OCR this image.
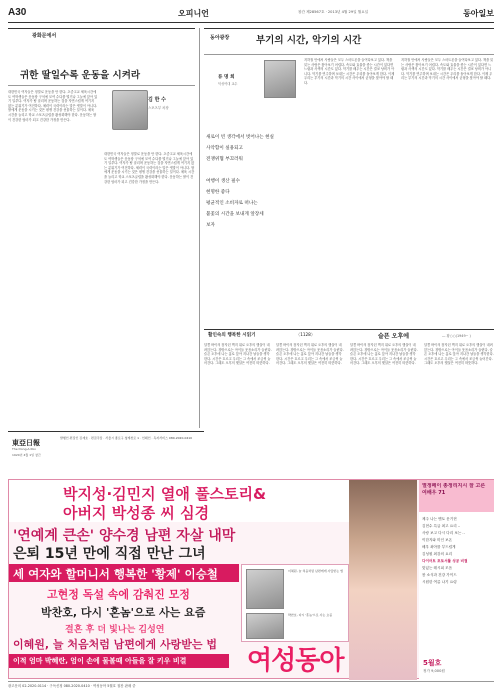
A30	오피니언	창간 제28567호 · 2013년 4월 29일 월요일	동아일보
광화문에서
귀한 딸일수록 운동을 시켜라
대한민국 여자들은 정말로 운동을 안 한다. 초중고교 체육시간에도 여학생들은 운동장 구석에 모여 수다를 떨거나 그늘에 앉아 있기 일쑤다. 여자가 땀 흘리며 운동하는 것을 자연스럽게 여기지 않는 분위기가 여전하다. 체력이 국력이라는 말은 옛말이 아니다. 딸에게 운동을 시키는 것은 평생 건강을 선물하는 일이다. 체육 시간을 늘리고 학교 스포츠클럽을 활성화해야 한다. 운동하는 딸이 건강한 엄마가 되고 건강한 가정을 만든다.
김 한 수
스포츠부 차장
대한민국 여자들은 정말로 운동을 안 한다. 초중고교 체육시간에도 여학생들은 운동장 구석에 모여 수다를 떨거나 그늘에 앉아 있기 일쑤다. 여자가 땀 흘리며 운동하는 것을 자연스럽게 여기지 않는 분위기가 여전하다. 체력이 국력이라는 말은 옛말이 아니다. 딸에게 운동을 시키는 것은 평생 건강을 선물하는 일이다. 체육 시간을 늘리고 학교 스포츠클럽을 활성화해야 한다. 운동하는 딸이 건강한 엄마가 되고 건강한 가정을 만든다.
동아광장	부기의 시간, 악기의 시간
류 명 희
덕성여대 교수
새로이 빈 생각에서 벗어나는 현실
사악함이 실용되고
전쟁위협 부끄러워
여행이 생산 필수
현명한 좋다
평균적인 소비자로 떠나는
불꽃의 시간을 보내게 앞장세
보자
지하철 안에서 사람들은 모두 스마트폰을 들여다보고 있다. 책을 읽는 사람은 찾아보기 어렵다. 속도와 효율을 좇는 시간이 있다면 느림과 사색의 시간도 있다. 악기를 배우는 시간은 결코 낭비가 아니다. 악기를 연주하며 보내는 시간은 우리를 돌아보게 한다. 이제 우리는 부기의 시간과 악기의 시간 사이에서 균형을 찾아야 할 때다.
지하철 안에서 사람들은 모두 스마트폰을 들여다보고 있다. 책을 읽는 사람은 찾아보기 어렵다. 속도와 효율을 좇는 시간이 있다면 느림과 사색의 시간도 있다. 악기를 배우는 시간은 결코 낭비가 아니다. 악기를 연주하며 보내는 시간은 우리를 돌아보게 한다. 이제 우리는 부기의 시간과 악기의 시간 사이에서 균형을 찾아야 할 때다.
활인숙의 행복한 시읽기	〈1128〉	슬픈 오후에	― 황○○(1949~ )
달콤 바이의 잠자던 벽지 위로 오후의 햇살이 내려앉는다. 창밖으로는 아이들 웃음소리가 들린다. 슬픈 오후에 나는 홀로 앉아 지나간 날들을 생각한다. 시간은 흐르고 우리는 그 속에서 조금씩 늙어간다. 그래도 오후의 햇살은 여전히 따뜻하다.
달콤 바이의 잠자던 벽지 위로 오후의 햇살이 내려앉는다. 창밖으로는 아이들 웃음소리가 들린다. 슬픈 오후에 나는 홀로 앉아 지나간 날들을 생각한다. 시간은 흐르고 우리는 그 속에서 조금씩 늙어간다. 그래도 오후의 햇살은 여전히 따뜻하다.
달콤 바이의 잠자던 벽지 위로 오후의 햇살이 내려앉는다. 창밖으로는 아이들 웃음소리가 들린다. 슬픈 오후에 나는 홀로 앉아 지나간 날들을 생각한다. 시간은 흐르고 우리는 그 속에서 조금씩 늙어간다. 그래도 오후의 햇살은 여전히 따뜻하다.
달콤 바이의 잠자던 벽지 위로 오후의 햇살이 내려앉는다. 창밖으로는 아이들 웃음소리가 들린다. 슬픈 오후에 나는 홀로 앉아 지나간 날들을 생각한다. 시간은 흐르고 우리는 그 속에서 조금씩 늙어간다. 그래도 오후의 햇살은 여전히 따뜻하다.
東亞日報
The Dong-A Ilbo
1920년 4월 1일 창간
발행인·편집인 김재호 · 편집국장 · 서울시 종로구 청계천로 1 · 인쇄인 · 독자서비스 080-2020-0410
박지성·김민지 열애 풀스토리&
아버지 박성종 씨 심경
'연예계 큰손' 양수경 남편 자살 내막
은퇴 15년 만에 직접 만난 그녀
세 여자와 할머니서 행복한 '황제' 이승철
고현정 독설 속에 감춰진 모정
박찬호, 다시 '혼놈'으로 사는 요즘
결혼 후 더 빛나는 김성연
이혜원, 늘 처음처럼 남편에게 사랑받는 법
이적 엄마 박혜란, 엄이 손에 물볼때 아들을 잘 키우 비결
이혜원, 늘 처음처럼 남편에게 사랑받는 법
박찬호, 다시 '혼놈'으로 사는 요즘
여성동아
열정페이 총정리지시 잘 고른 여배우 71
제주 나는 멘토 문기현
김현수 특급 최고 요리 ..
사랑 보고 다시 다리 보는 ..
이한지와 미인 보온
배우 최아를 부드럽게
김성원 최강의 요리
다이어트 포토서툴 성공 비결
맛있는 레시피 모음
봄 소식과 건강 가이드
시원한 여름 나기 요령
5월호
정가 9,000원
광고문의 02-2020-0114 · 구독신청 080-2020-0410 · 여성동아 5월호 절찬 판매 중
